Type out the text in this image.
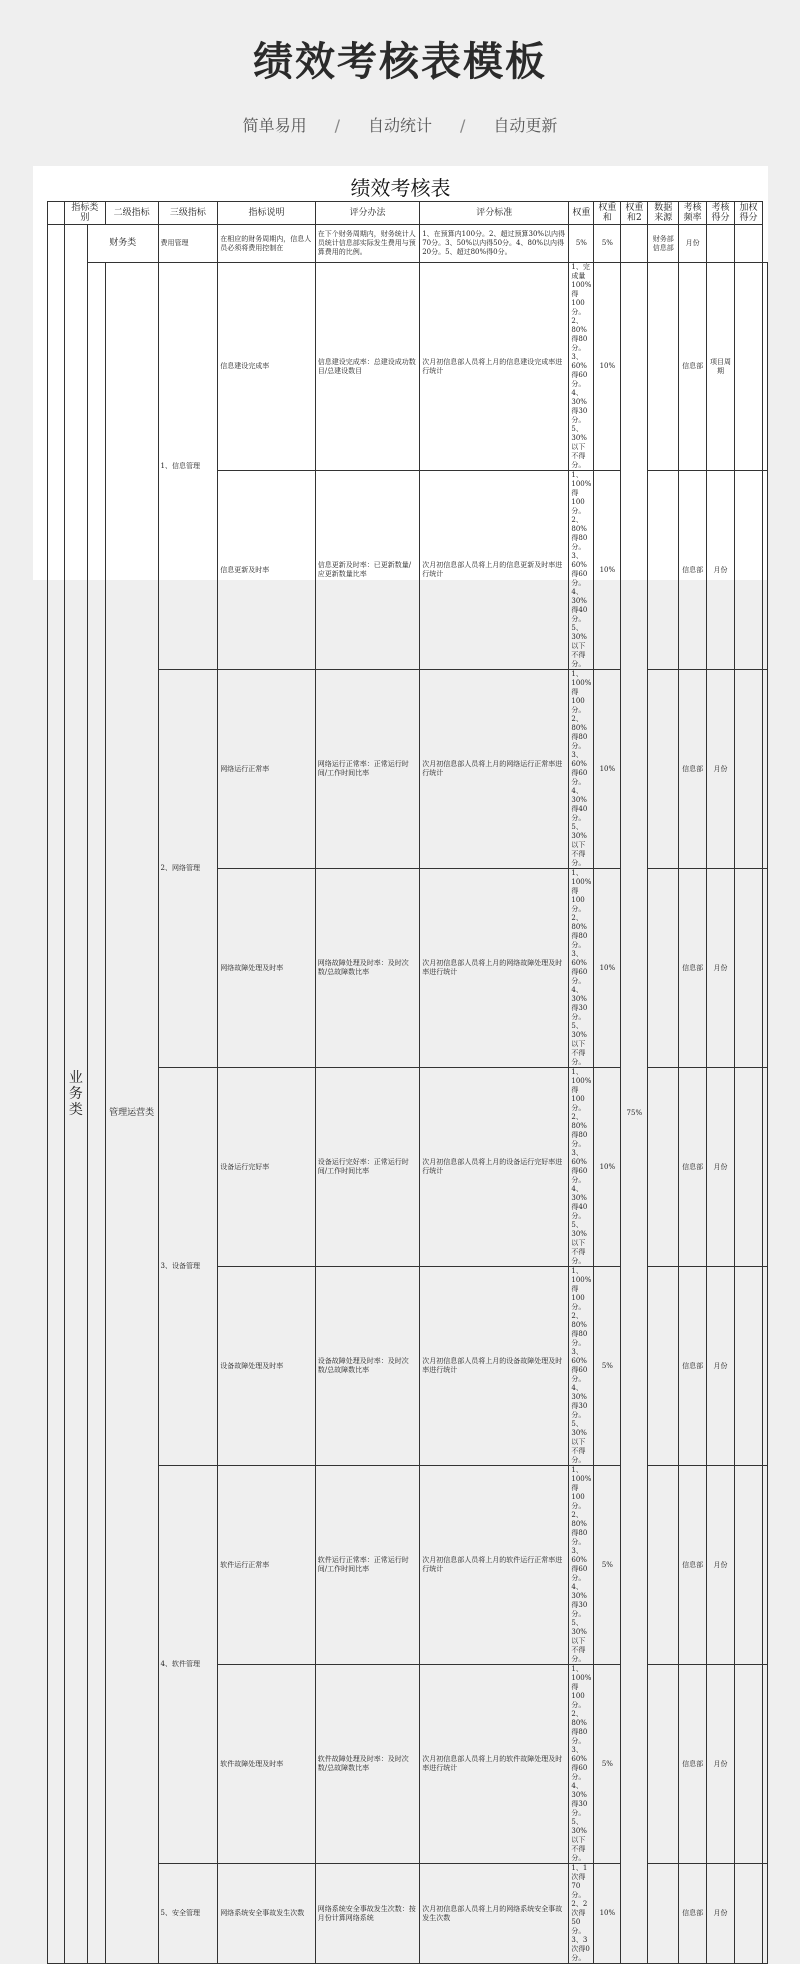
绩效考核表模板
简单易用 / 自动统计 / 自动更新
绩效考核表
	指标类别		二级指标	三级指标	指标说明	评分办法	评分标准	权重	权重和	权重和2	数据来源	考核频率	考核得分	加权得分	
	业务类	财务类		费用管理	在相应的财务周期内，信息人员必须将费用控制在	在下个财务周期内，财务统计人员统计信息部实际发生费用与预算费用的比例。	1、在预算内100分。2、超过预算30%以内得70分。3、50%以内得50分。4、80%以内得20分。5、超过80%得0分。	5%	5%		财务部信息部	月份			
			管理运营类	1、信息管理	信息建设完成率	信息建设完成率：总建设成功数目/总建设数目	次月初信息部人员将上月的信息建设完成率进行统计	1、完成量100%得100分。2、80%得80分。3、60%得60分。4、30%得30分。5、30%以下不得分。	10%	75%		信息部	项目周期		
					信息更新及时率	信息更新及时率：已更新数量/应更新数量比率	次月初信息部人员将上月的信息更新及时率进行统计	1、100%得100分。2、80%得80分。3、60%得60分。4、30%得40分。5、30%以下不得分。	10%			信息部	月份		
				2、网络管理	网络运行正常率	网络运行正常率：正常运行时间/工作时间比率	次月初信息部人员将上月的网络运行正常率进行统计	1、100%得100分。2、80%得80分。3、60%得60分。4、30%得40分。5、30%以下不得分。	10%			信息部	月份		
					网络故障处理及时率	网络故障处理及时率：及时次数/总故障数比率	次月初信息部人员将上月的网络故障处理及时率进行统计	1、100%得100分。2、80%得80分。3、60%得60分。4、30%得30分。5、30%以下不得分。	10%			信息部	月份		
				3、设备管理	设备运行完好率	设备运行完好率：正常运行时间/工作时间比率	次月初信息部人员将上月的设备运行完好率进行统计	1、100%得100分。2、80%得80分。3、60%得60分。4、30%得40分。5、30%以下不得分。	10%			信息部	月份		
					设备故障处理及时率	设备故障处理及时率：及时次数/总故障数比率	次月初信息部人员将上月的设备故障处理及时率进行统计	1、100%得100分。2、80%得80分。3、60%得60分。4、30%得30分。5、30%以下不得分。	5%			信息部	月份		
				4、软件管理	软件运行正常率	软件运行正常率：正常运行时间/工作时间比率	次月初信息部人员将上月的软件运行正常率进行统计	1、100%得100分。2、80%得80分。3、60%得60分。4、30%得30分。5、30%以下不得分。	5%			信息部	月份		
					软件故障处理及时率	软件故障处理及时率：及时次数/总故障数比率	次月初信息部人员将上月的软件故障处理及时率进行统计	1、100%得100分。2、80%得80分。3、60%得60分。4、30%得30分。5、30%以下不得分。	5%			信息部	月份		
				5、安全管理	网络系统安全事故发生次数	网络系统安全事故发生次数：按月份计算网络系统	次月初信息部人员将上月的网络系统安全事故发生次数	1、1次得70分。2、2次得50分。3、3次得0分。	10%			信息部	月份		
